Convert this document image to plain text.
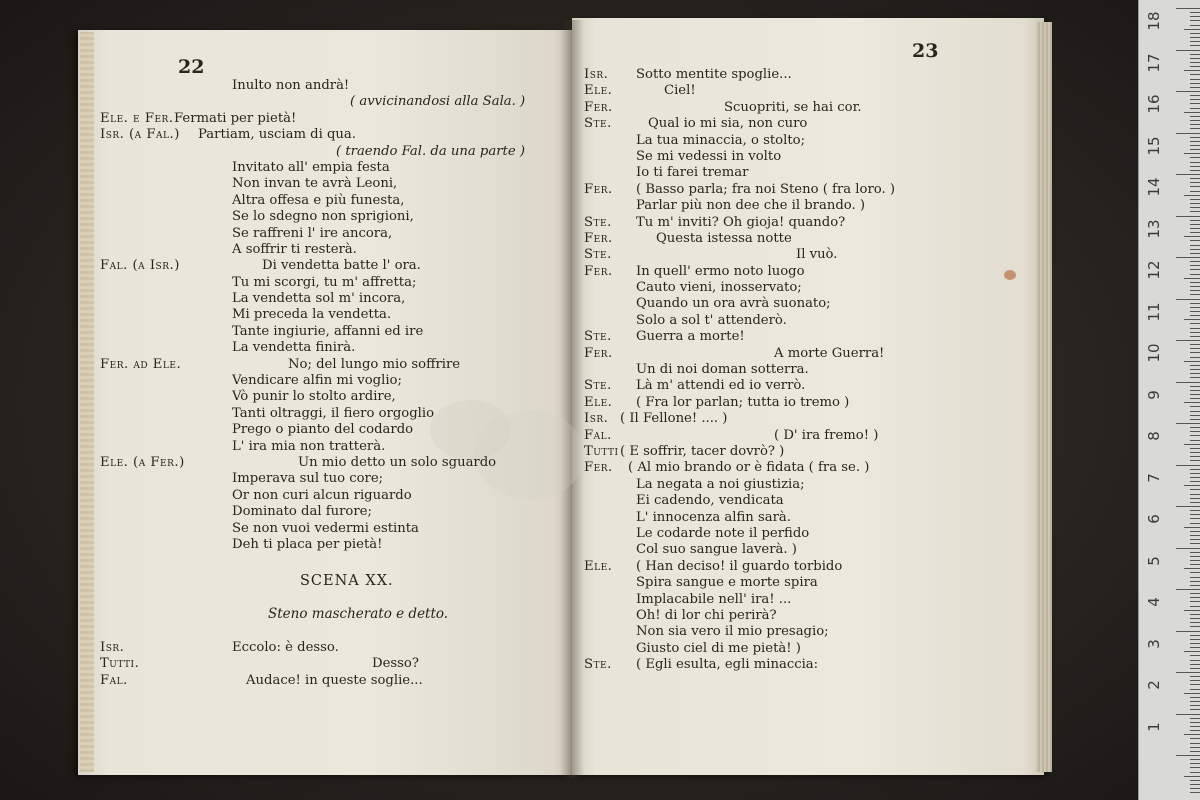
22
23
Inulto non andrà!
( avvicinandosi alla Sala. )
Ele. e Fer. Fermati per pietà!
Isr. (a Fal.) Partiam, usciam di qua.
( traendo Fal. da una parte )
Invitato all' empia festa
Non invan te avrà Leoni,
Altra offesa e più funesta,
Se lo sdegno non sprigioni,
Se raffreni l' ire ancora,
A soffrir ti resterà.
Fal. (a Isr.)	Di vendetta batte l' ora.
Tu mi scorgi, tu m' affretta;
La vendetta sol m' incora,
Mi preceda la vendetta.
Tante ingiurie, affanni ed ire
La vendetta finirà.
Fer. ad Ele.	No; del lungo mio soffrire
Vendicare alfin mi voglio;
Vò punir lo stolto ardire,
Tanti oltraggi, il fiero orgoglio
Prego o pianto del codardo
L' ira mia non tratterà.
Ele. (a Fer.)	Un mio detto un solo sguardo
Imperava sul tuo core;
Or non curi alcun riguardo
Dominato dal furore;
Se non vuoi vedermi estinta
Deh ti placa per pietà!
SCENA XX.
Steno mascherato e detto.
Isr.	Eccolo: è desso.
Tutti.	Desso?
Fal.	Audace! in queste soglie...
Isr. Sotto mentite spoglie...
Ele.	Ciel!
Fer.	Scuopriti, se hai cor.
Ste.	Qual io mi sia, non curo
La tua minaccia, o stolto;
Se mi vedessi in volto
Io ti farei tremar
Fer. ( Basso parla; fra noi Steno ( fra loro. )
Parlar più non dee che il brando. )
Ste. Tu m' inviti? Oh gioja! quando?
Fer.	Questa istessa notte
Ste.	Il vuò.
Fer. In quell' ermo noto luogo
Cauto vieni, inosservato;
Quando un ora avrà suonato;
Solo a sol t' attenderò.
Ste. Guerra a morte!
Fer.	A morte Guerra!
Un di noi doman sotterra.
Ste. Là m' attendi ed io verrò.
Ele. ( Fra lor parlan; tutta io tremo )
Isr. ( Il Fellone! .... )
Fal.	( D' ira fremo! )
Tutti ( E soffrir, tacer dovrò? )
Fer. ( Al mio brando or è fidata ( fra se. )
La negata a noi giustizia;
Ei cadendo, vendicata
L' innocenza alfin sarà.
Le codarde note il perfido
Col suo sangue laverà. )
Ele. ( Han deciso! il guardo torbido
Spira sangue e morte spira
Implacabile nell' ira! ...
Oh! di lor chi perirà?
Non sia vero il mio presagio;
Giusto ciel di me pietà! )
Ste. ( Egli esulta, egli minaccia:
18
17
16
15
14
13
12
11
10
9
8
7
6
5
4
3
2
1
